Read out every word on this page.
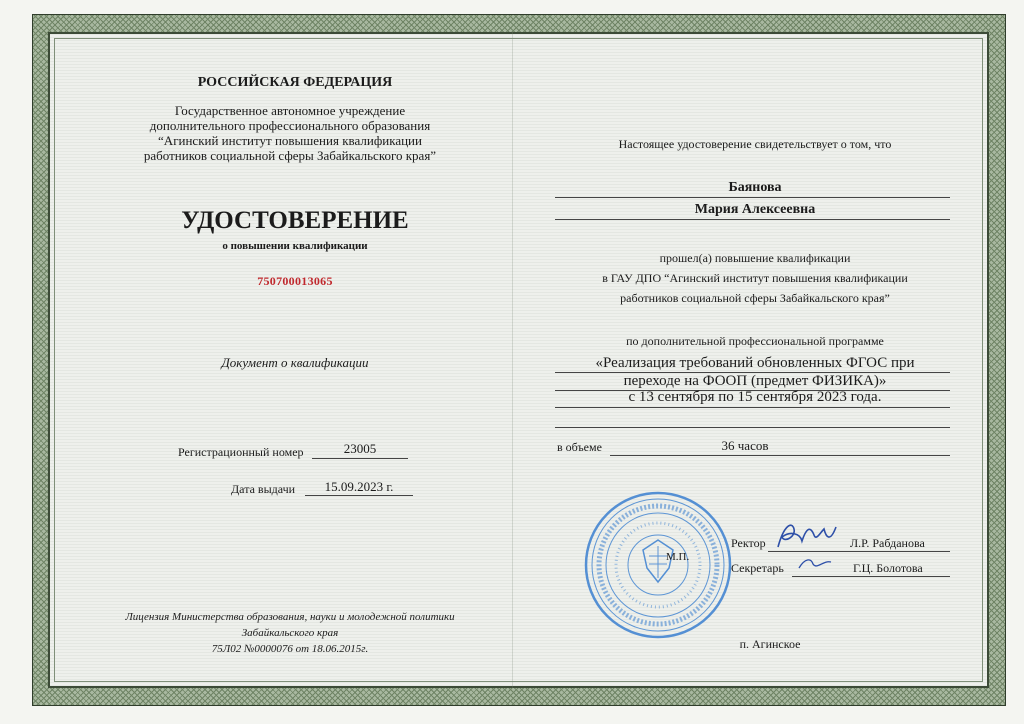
РОССИЙСКАЯ ФЕДЕРАЦИЯ
Государственное автономное учреждение
дополнительного профессионального образования
“Агинский институт повышения квалификации
работников социальной сферы Забайкальского края”
УДОСТОВЕРЕНИЕ
о повышении квалификации
750700013065
Документ о квалификации
Регистрационный номер	23005
Дата выдачи	15.09.2023 г.
Лицензия Министерства образования, науки и молодежной политики
Забайкальского края
75Л02 №0000076 от 18.06.2015г.
Настоящее удостоверение свидетельствует о том, что
Баянова
Мария Алексеевна
прошел(а) повышение квалификации
в ГАУ ДПО “Агинский институт повышения квалификации
работников социальной сферы Забайкальского края”
по дополнительной профессиональной программе
«Реализация требований обновленных ФГОС при
переходе на ФООП (предмет ФИЗИКА)»
с 13 сентября по 15 сентября 2023 года.
в объеме	36 часов
М.П.
Ректор	Л.Р. Рабданова
Секретарь	Г.Ц. Болотова
п. Агинское
